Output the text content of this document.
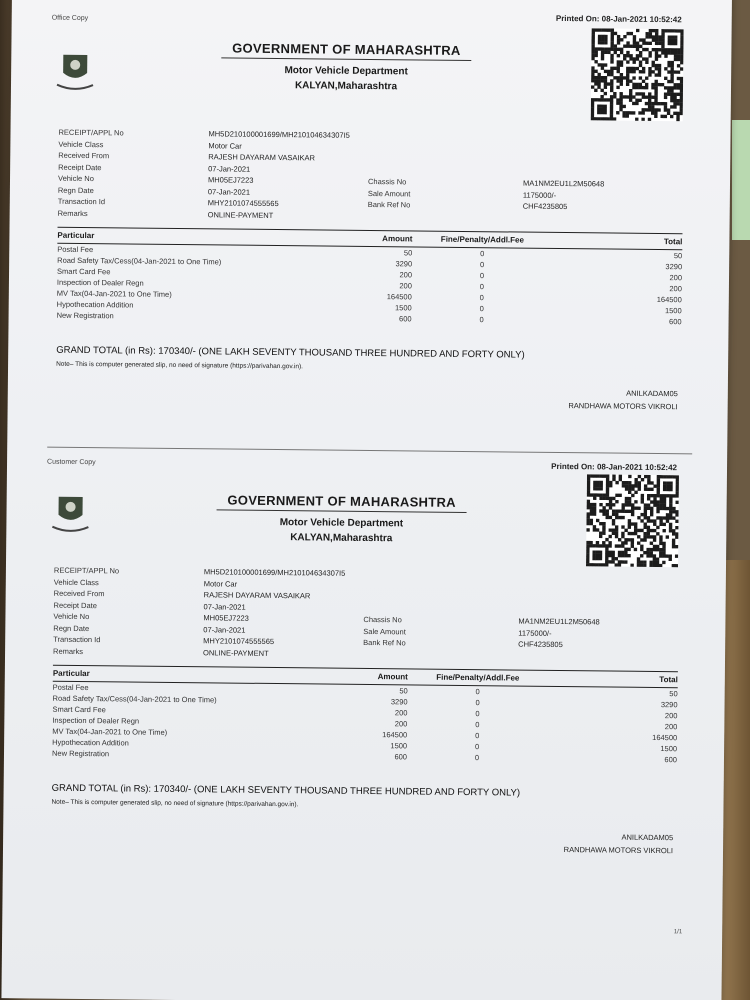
Office Copy	Printed On: 08-Jan-2021 10:52:42
GOVERNMENT OF MAHARASHTRA
Motor Vehicle Department
KALYAN,Maharashtra
RECEIPT/APPL No	MH5D210100001699/MH210104634307I5
Vehicle Class	Motor Car
Received From	RAJESH DAYARAM VASAIKAR
Receipt Date	07-Jan-2021
Vehicle No	MH05EJ7223	Chassis No	MA1NM2EU1L2M50648
Regn Date	07-Jan-2021	Sale Amount	1175000/-
Transaction Id	MHY2101074555565	Bank Ref No	CHF4235805
Remarks	ONLINE-PAYMENT
Particular	Amount	Fine/Penalty/Addl.Fee	Total
Postal Fee	50	0	50
Road Safety Tax/Cess(04-Jan-2021 to One Time)	3290	0	3290
Smart Card Fee	200	0	200
Inspection of Dealer Regn	200	0	200
MV Tax(04-Jan-2021 to One Time)	164500	0	164500
Hypothecation Addition	1500	0	1500
New Registration	600	0	600
GRAND TOTAL (in Rs): 170340/- (ONE LAKH SEVENTY THOUSAND THREE HUNDRED AND FORTY ONLY)
Note– This is computer generated slip, no need of signature (https://parivahan.gov.in).
ANILKADAM05
RANDHAWA MOTORS VIKROLI
Customer Copy	Printed On: 08-Jan-2021 10:52:42
GOVERNMENT OF MAHARASHTRA
Motor Vehicle Department
KALYAN,Maharashtra
RECEIPT/APPL No	MH5D210100001699/MH210104634307I5
Vehicle Class	Motor Car
Received From	RAJESH DAYARAM VASAIKAR
Receipt Date	07-Jan-2021
Vehicle No	MH05EJ7223	Chassis No	MA1NM2EU1L2M50648
Regn Date	07-Jan-2021	Sale Amount	1175000/-
Transaction Id	MHY2101074555565	Bank Ref No	CHF4235805
Remarks	ONLINE-PAYMENT
Particular	Amount	Fine/Penalty/Addl.Fee	Total
Postal Fee	50	0	50
Road Safety Tax/Cess(04-Jan-2021 to One Time)	3290	0	3290
Smart Card Fee	200	0	200
Inspection of Dealer Regn	200	0	200
MV Tax(04-Jan-2021 to One Time)	164500	0	164500
Hypothecation Addition	1500	0	1500
New Registration	600	0	600
GRAND TOTAL (in Rs): 170340/- (ONE LAKH SEVENTY THOUSAND THREE HUNDRED AND FORTY ONLY)
Note– This is computer generated slip, no need of signature (https://parivahan.gov.in).
ANILKADAM05
RANDHAWA MOTORS VIKROLI
1/1
